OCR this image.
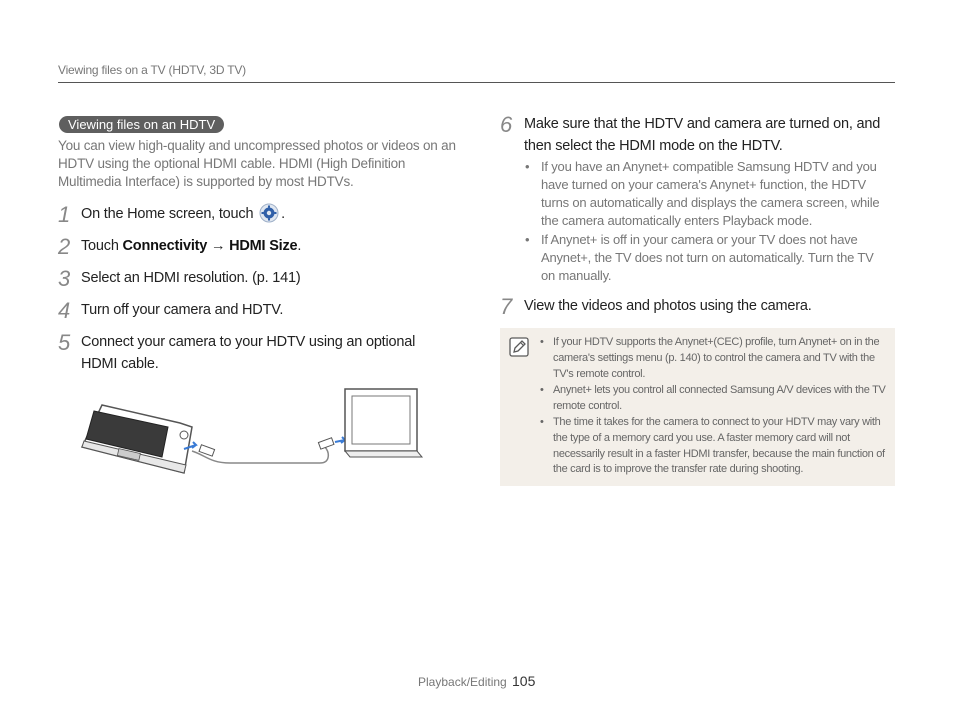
Viewing files on a TV (HDTV, 3D TV)
Viewing files on an HDTV
You can view high-quality and uncompressed photos or videos on an HDTV using the optional HDMI cable. HDMI (High Definition Multimedia Interface) is supported by most HDTVs.
1 On the Home screen, touch .
2 Touch Connectivity → HDMI Size.
3 Select an HDMI resolution. (p. 141)
4 Turn off your camera and HDTV.
5 Connect your camera to your HDTV using an optional HDMI cable.
6 Make sure that the HDTV and camera are turned on, and then select the HDMI mode on the HDTV.
• If you have an Anynet+ compatible Samsung HDTV and you have turned on your camera's Anynet+ function, the HDTV turns on automatically and displays the camera screen, while the camera automatically enters Playback mode.
• If Anynet+ is off in your camera or your TV does not have Anynet+, the TV does not turn on automatically. Turn the TV on manually.
7 View the videos and photos using the camera.
• If your HDTV supports the Anynet+(CEC) profile, turn Anynet+ on in the camera's settings menu (p. 140) to control the camera and TV with the TV's remote control.
• Anynet+ lets you control all connected Samsung A/V devices with the TV remote control.
• The time it takes for the camera to connect to your HDTV may vary with the type of a memory card you use. A faster memory card will not necessarily result in a faster HDMI transfer, because the main function of the card is to improve the transfer rate during shooting.
Playback/Editing 105
